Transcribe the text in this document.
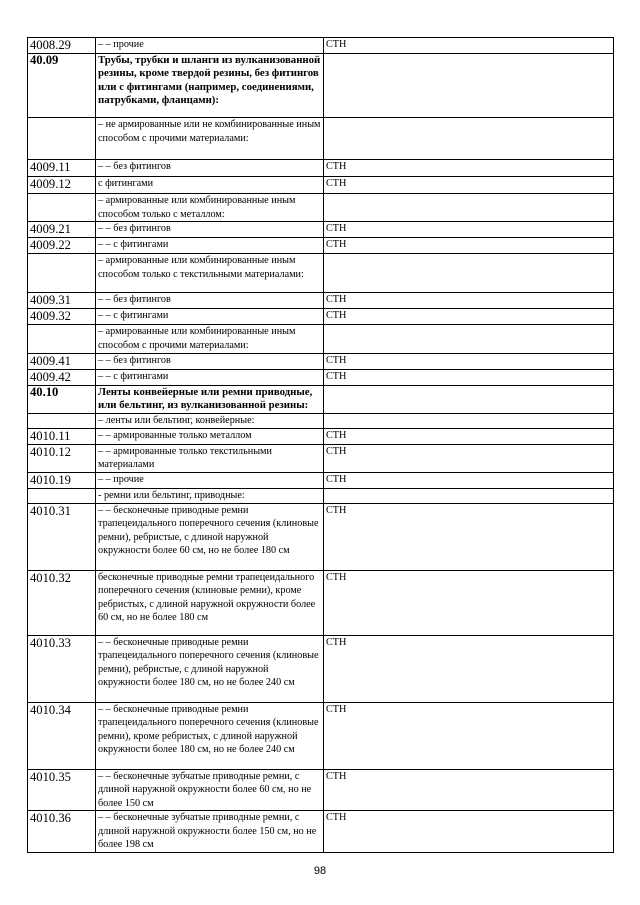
4008.29	– – прочие	СТН
40.09	Трубы, трубки и шланги из вулканизованной резины, кроме твердой резины, без фитингов или с фитингами (например, соединениями, патрубками, фланцами):	
	– не армированные или не комбинированные иным способом с прочими материалами:	
4009.11	– – без фитингов	СТН
4009.12	с фитингами	СТН
	– армированные или комбинированные иным способом только с металлом:	
4009.21	– – без фитингов	СТН
4009.22	– – с фитингами	СТН
	– армированные или комбинированные иным способом только с текстильными материалами:	
4009.31	– – без фитингов	СТН
4009.32	– – с фитингами	СТН
	– армированные или комбинированные иным способом с прочими материалами:	
4009.41	– – без фитингов	СТН
4009.42	– – с фитингами	СТН
40.10	Ленты конвейерные или ремни приводные, или бельтинг, из вулканизованной резины:	
	– ленты или бельтинг, конвейерные:	
4010.11	– – армированные только металлом	СТН
4010.12	– – армированные только текстильными материалами	СТН
4010.19	– – прочие	СТН
	- ремни или бельтинг, приводные:	
4010.31	– – бесконечные приводные ремни трапецеидального поперечного сечения (клиновые ремни), ребристые, с длиной наружной окружности более 60 см, но не более 180 см	СТН
4010.32	бесконечные приводные ремни трапецеидального поперечного сечения (клиновые ремни), кроме ребристых, с длиной наружной окружности более 60 см, но не более 180 см	СТН
4010.33	– – бесконечные приводные ремни трапецеидального поперечного сечения (клиновые ремни), ребристые, с длиной наружной окружности более 180 см, но не более 240 см	СТН
4010.34	– – бесконечные приводные ремни трапецеидального поперечного сечения (клиновые ремни), кроме ребристых, с длиной наружной окружности более 180 см, но не более 240 см	СТН
4010.35	– – бесконечные зубчатые приводные ремни, с длиной наружной окружности более 60 см, но не более 150 см	СТН
4010.36	– – бесконечные зубчатые приводные ремни, с длиной наружной окружности более 150 см, но не более 198 см	СТН
98
